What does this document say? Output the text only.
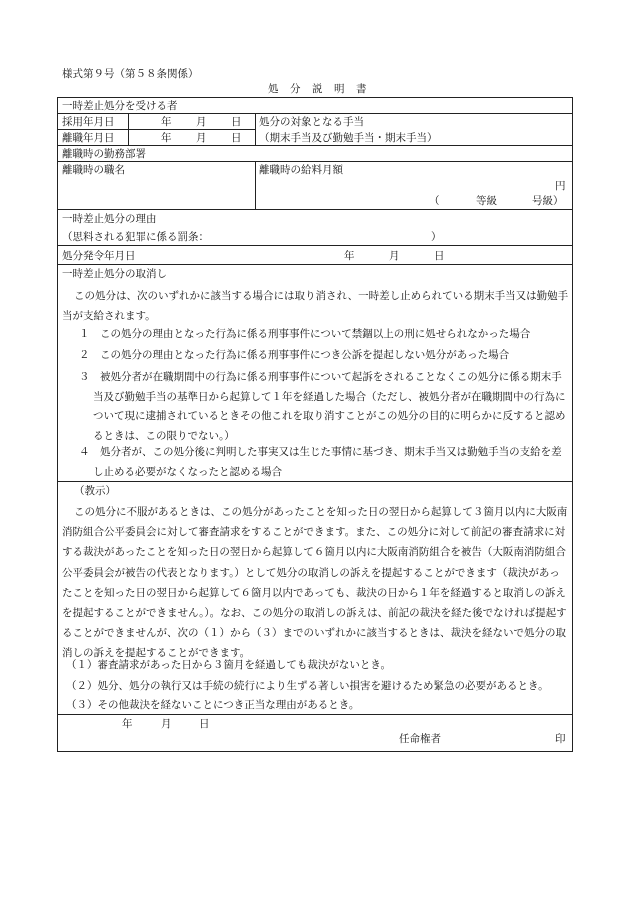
様式第９号（第５８条関係）
処　分　説　明　書
一時差止処分を受ける者
採用年月日	年 月 日 処分の対象となる手当
離職年月日	年 月 日 （期末手当及び勤勉手当・期末手当）
離職時の勤務部署
離職時の職名	離職時の給料月額
円
（	等級	号級）
一時差止処分の理由
（思料される犯罪に係る罰条：	）
処分発令年月日	年	月	日
一時差止処分の取消し
この処分は、次のいずれかに該当する場合には取り消され、一時差し止められている期末手当又は勤勉手当が支給されます。
１　この処分の理由となった行為に係る刑事事件について禁錮以上の刑に処せられなかった場合
２　この処分の理由となった行為に係る刑事事件につき公訴を提起しない処分があった場合
３　被処分者が在職期間中の行為に係る刑事事件について起訴をされることなくこの処分に係る期末手当及び勤勉手当の基準日から起算して１年を経過した場合（ただし、被処分者が在職期間中の行為について現に逮捕されているときその他これを取り消すことがこの処分の目的に明らかに反すると認めるときは、この限りでない。）
４　処分者が、この処分後に判明した事実又は生じた事情に基づき、期末手当又は勤勉手当の支給を差し止める必要がなくなったと認める場合
（教示）
この処分に不服があるときは、この処分があったことを知った日の翌日から起算して３箇月以内に大阪南消防組合公平委員会に対して審査請求をすることができます。また、この処分に対して前記の審査請求に対する裁決があったことを知った日の翌日から起算して６箇月以内に大阪南消防組合を被告（大阪南消防組合公平委員会が被告の代表となります。）として処分の取消しの訴えを提起することができます（裁決があったことを知った日の翌日から起算して６箇月以内であっても、裁決の日から１年を経過すると取消しの訴えを提起することができません。）。なお、この処分の取消しの訴えは、前記の裁決を経た後でなければ提起することができませんが、次の（１）から（３）までのいずれかに該当するときは、裁決を経ないで処分の取消しの訴えを提起することができます。
（１）審査請求があった日から３箇月を経過しても裁決がないとき。
（２）処分、処分の執行又は手続の続行により生ずる著しい損害を避けるため緊急の必要があるとき。
（３）その他裁決を経ないことにつき正当な理由があるとき。
年	月	日
任命権者	印
